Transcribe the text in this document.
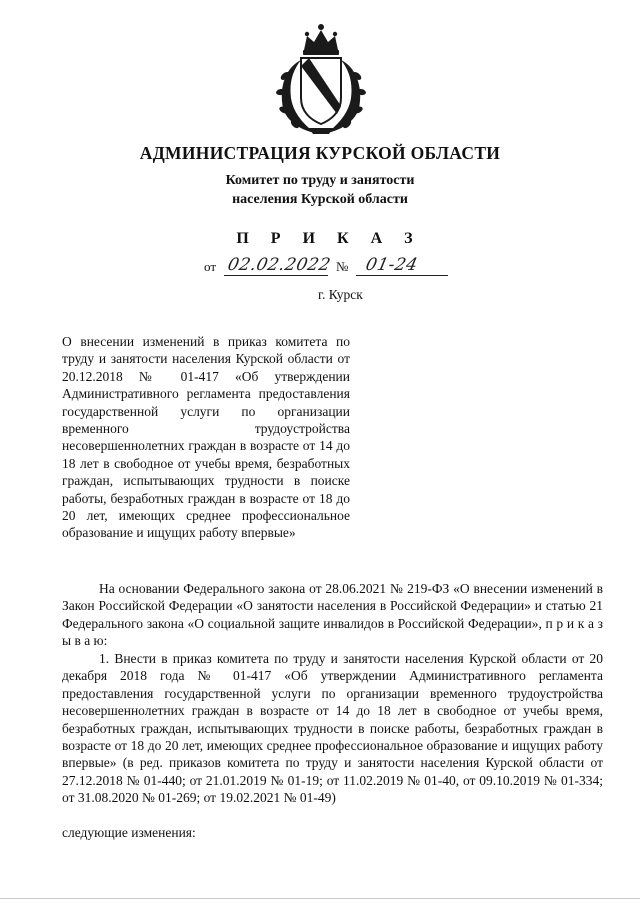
АДМИНИСТРАЦИЯ КУРСКОЙ ОБЛАСТИ
Комитет по труду и занятости
населения Курской области
П Р И К А З
от 02.02.2022 № 01-24
г. Курск
О внесении изменений в приказ комитета по труду и занятости населения Курской области от 20.12.2018 № 01-417 «Об утверждении Административного регламента предоставления государственной услуги по организации временного трудоустройства несовершеннолетних граждан в возрасте от 14 до 18 лет в свободное от учебы время, безработных граждан, испытывающих трудности в поиске работы, безработных граждан в возрасте от 18 до 20 лет, имеющих среднее профессиональное образование и ищущих работу впервые»

На основании Федерального закона от 28.06.2021 № 219-ФЗ «О внесении изменений в Закон Российской Федерации «О занятости населения в Российской Федерации» и статью 21 Федерального закона «О социальной защите инвалидов в Российской Федерации», п р и к а з ы в а ю:

1. Внести в приказ комитета по труду и занятости населения Курской области от 20 декабря 2018 года № 01-417 «Об утверждении Административного регламента предоставления государственной услуги по организации временного трудоустройства несовершеннолетних граждан в возрасте от 14 до 18 лет в свободное от учебы время, безработных граждан, испытывающих трудности в поиске работы, безработных граждан в возрасте от 18 до 20 лет, имеющих среднее профессиональное образование и ищущих работу впервые» (в ред. приказов комитета по труду и занятости населения Курской области от 27.12.2018 № 01-440; от 21.01.2019 № 01-19; от 11.02.2019 № 01-40, от 09.10.2019 № 01-334; от 31.08.2020 № 01-269; от 19.02.2021 № 01-49)

следующие изменения:
